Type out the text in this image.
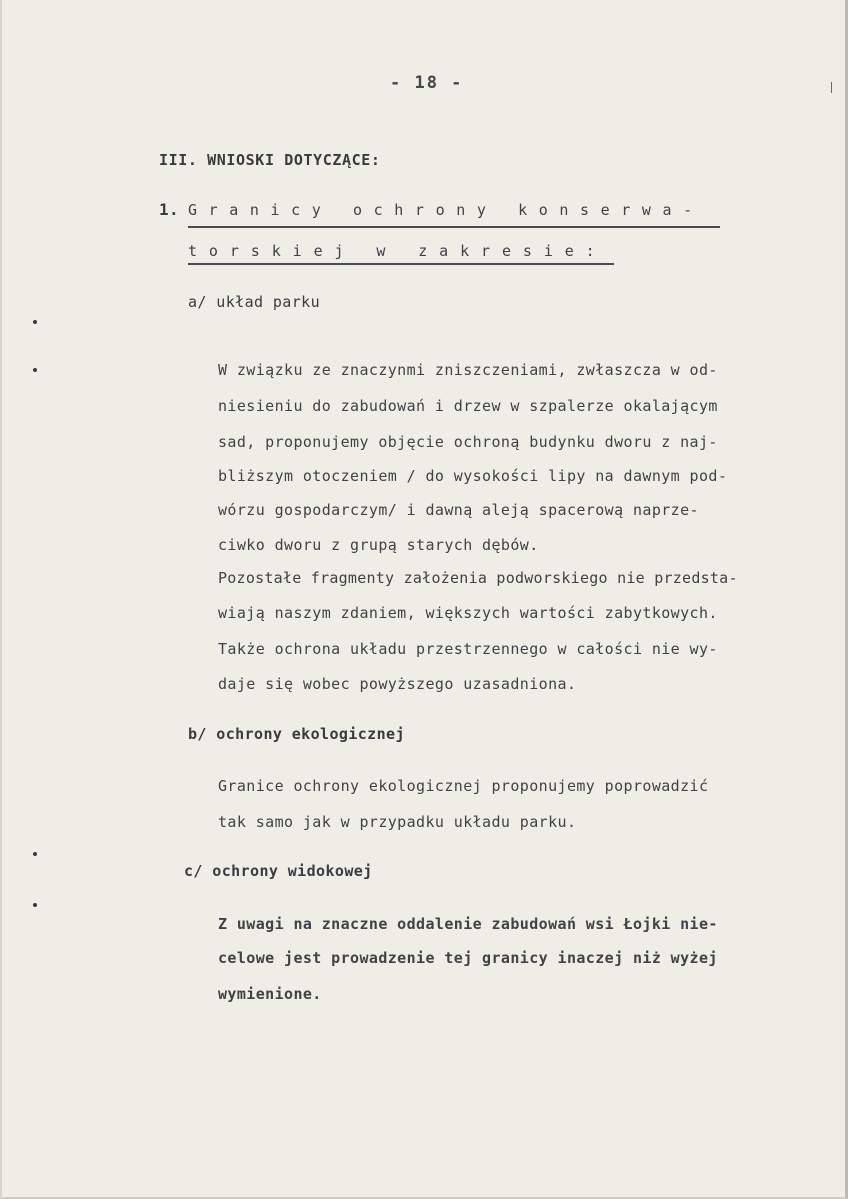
- 18 -
III. WNIOSKI DOTYCZĄCE:
1. Granicy ochrony konserwa-
torskiej w zakresie:
a/ układ parku
W związku ze znaczynmi zniszczeniami, zwłaszcza w od-
niesieniu do zabudowań i drzew w szpalerze okalającym
sad, proponujemy objęcie ochroną budynku dworu z naj-
bliższym otoczeniem / do wysokości lipy na dawnym pod-
wórzu gospodarczym/ i dawną aleją spacerową naprze-
ciwko dworu z grupą starych dębów.
Pozostałe fragmenty założenia podworskiego nie przedsta-
wiają naszym zdaniem, większych wartości zabytkowych.
Także ochrona układu przestrzennego w całości nie wy-
daje się wobec powyższego uzasadniona.
b/ ochrony ekologicznej
Granice ochrony ekologicznej proponujemy poprowadzić
tak samo jak w przypadku układu parku.
c/ ochrony widokowej
Z uwagi na znaczne oddalenie zabudowań wsi Łojki nie-
celowe jest prowadzenie tej granicy inaczej niż wyżej
wymienione.
